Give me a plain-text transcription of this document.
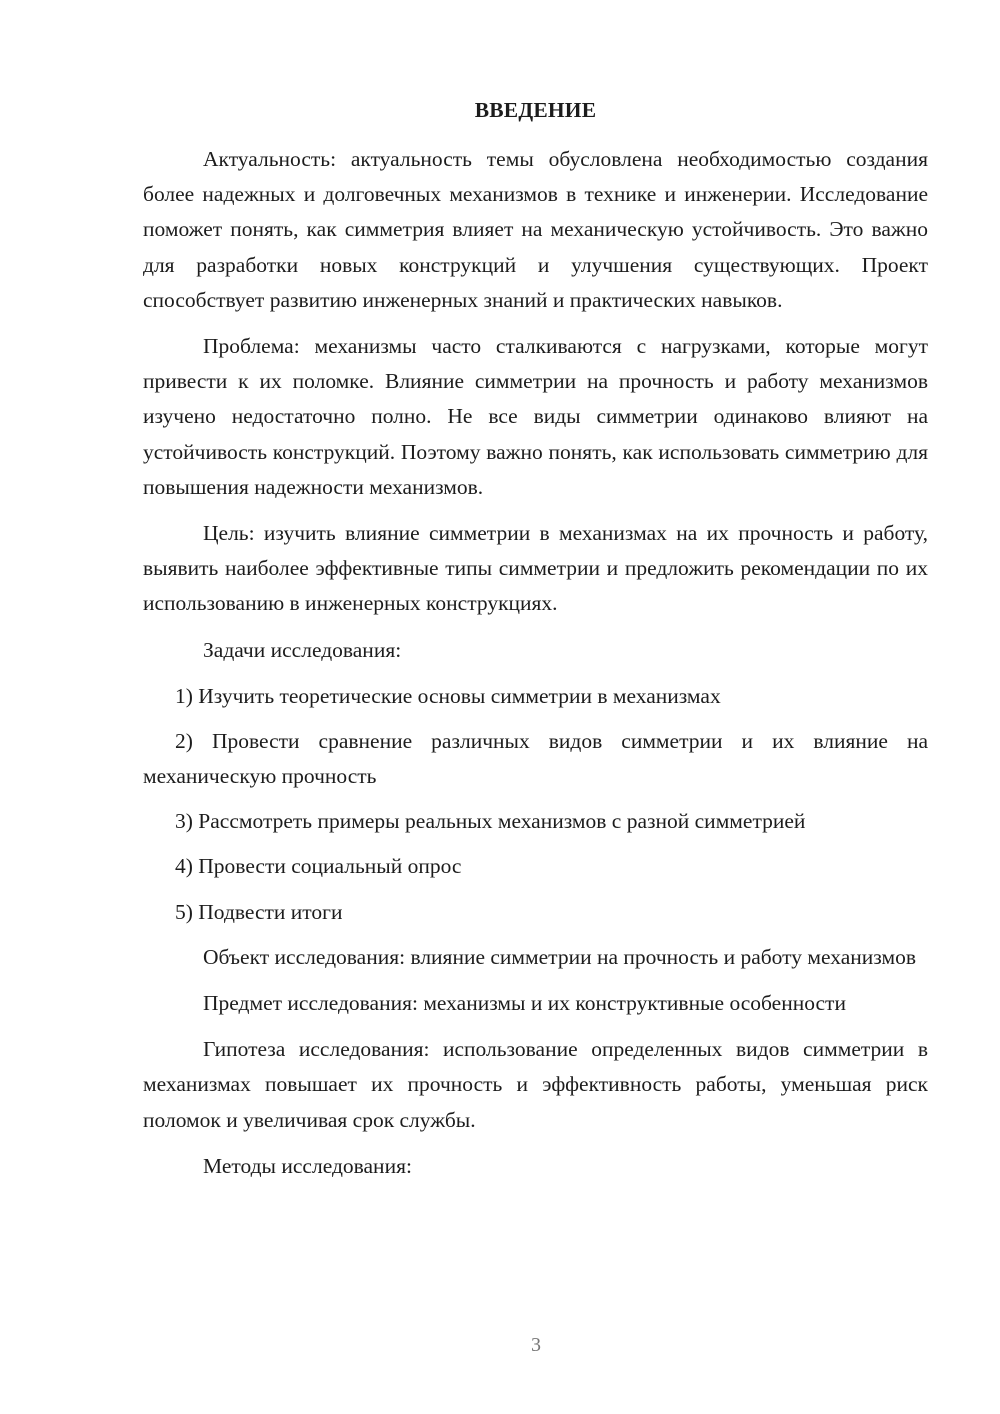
ВВЕДЕНИЕ

Актуальность: актуальность темы обусловлена необходимостью создания более надежных и долговечных механизмов в технике и инженерии. Исследование поможет понять, как симметрия влияет на механическую устойчивость. Это важно для разработки новых конструкций и улучшения существующих. Проект способствует развитию инженерных знаний и практических навыков.

Проблема: механизмы часто сталкиваются с нагрузками, которые могут привести к их поломке. Влияние симметрии на прочность и работу механизмов изучено недостаточно полно. Не все виды симметрии одинаково влияют на устойчивость конструкций. Поэтому важно понять, как использовать симметрию для повышения надежности механизмов.

Цель: изучить влияние симметрии в механизмах на их прочность и работу, выявить наиболее эффективные типы симметрии и предложить рекомендации по их использованию в инженерных конструкциях.

Задачи исследования:

1) Изучить теоретические основы симметрии в механизмах

2) Провести сравнение различных видов симметрии и их влияние на механическую прочность

3) Рассмотреть примеры реальных механизмов с разной симметрией

4) Провести социальный опрос

5) Подвести итоги

Объект исследования: влияние симметрии на прочность и работу механизмов

Предмет исследования: механизмы и их конструктивные особенности

Гипотеза исследования: использование определенных видов симметрии в механизмах повышает их прочность и эффективность работы, уменьшая риск поломок и увеличивая срок службы.

Методы исследования:

3
